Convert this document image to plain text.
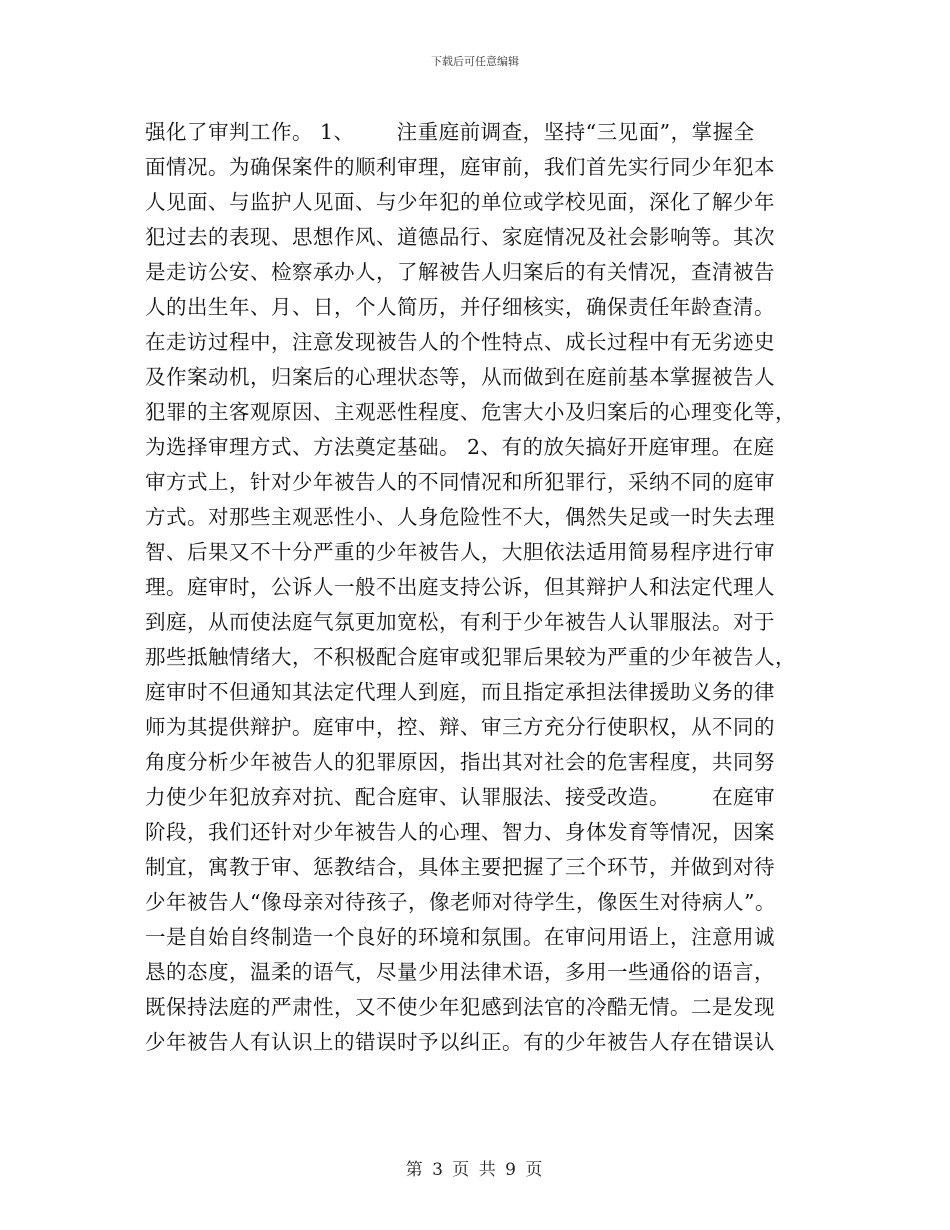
下载后可任意编辑
强化了审判工作。 1、      注重庭前调查，坚持“三见面”，掌握全
面情况。为确保案件的顺利审理，庭审前，我们首先实行同少年犯本
人见面、与监护人见面、与少年犯的单位或学校见面，深化了解少年
犯过去的表现、思想作风、道德品行、家庭情况及社会影响等。其次
是走访公安、检察承办人，了解被告人归案后的有关情况，查清被告
人的出生年、月、日，个人简历，并仔细核实，确保责任年龄查清。
在走访过程中，注意发现被告人的个性特点、成长过程中有无劣迹史
及作案动机，归案后的心理状态等，从而做到在庭前基本掌握被告人
犯罪的主客观原因、主观恶性程度、危害大小及归案后的心理变化等，
为选择审理方式、方法奠定基础。 2、有的放矢搞好开庭审理。在庭
审方式上，针对少年被告人的不同情况和所犯罪行，采纳不同的庭审
方式。对那些主观恶性小、人身危险性不大，偶然失足或一时失去理
智、后果又不十分严重的少年被告人，大胆依法适用简易程序进行审
理。庭审时，公诉人一般不出庭支持公诉，但其辩护人和法定代理人
到庭，从而使法庭气氛更加宽松，有利于少年被告人认罪服法。对于
那些抵触情绪大，不积极配合庭审或犯罪后果较为严重的少年被告人，
庭审时不但通知其法定代理人到庭，而且指定承担法律援助义务的律
师为其提供辩护。庭审中，控、辩、审三方充分行使职权，从不同的
角度分析少年被告人的犯罪原因，指出其对社会的危害程度，共同努
力使少年犯放弃对抗、配合庭审、认罪服法、接受改造。      在庭审
阶段，我们还针对少年被告人的心理、智力、身体发育等情况，因案
制宜，寓教于审、惩教结合，具体主要把握了三个环节，并做到对待
少年被告人“像母亲对待孩子，像老师对待学生，像医生对待病人”。
一是自始自终制造一个良好的环境和氛围。在审问用语上，注意用诚
恳的态度，温柔的语气，尽量少用法律术语，多用一些通俗的语言，
既保持法庭的严肃性，又不使少年犯感到法官的冷酷无情。二是发现
少年被告人有认识上的错误时予以纠正。有的少年被告人存在错误认
第 3 页 共 9 页
